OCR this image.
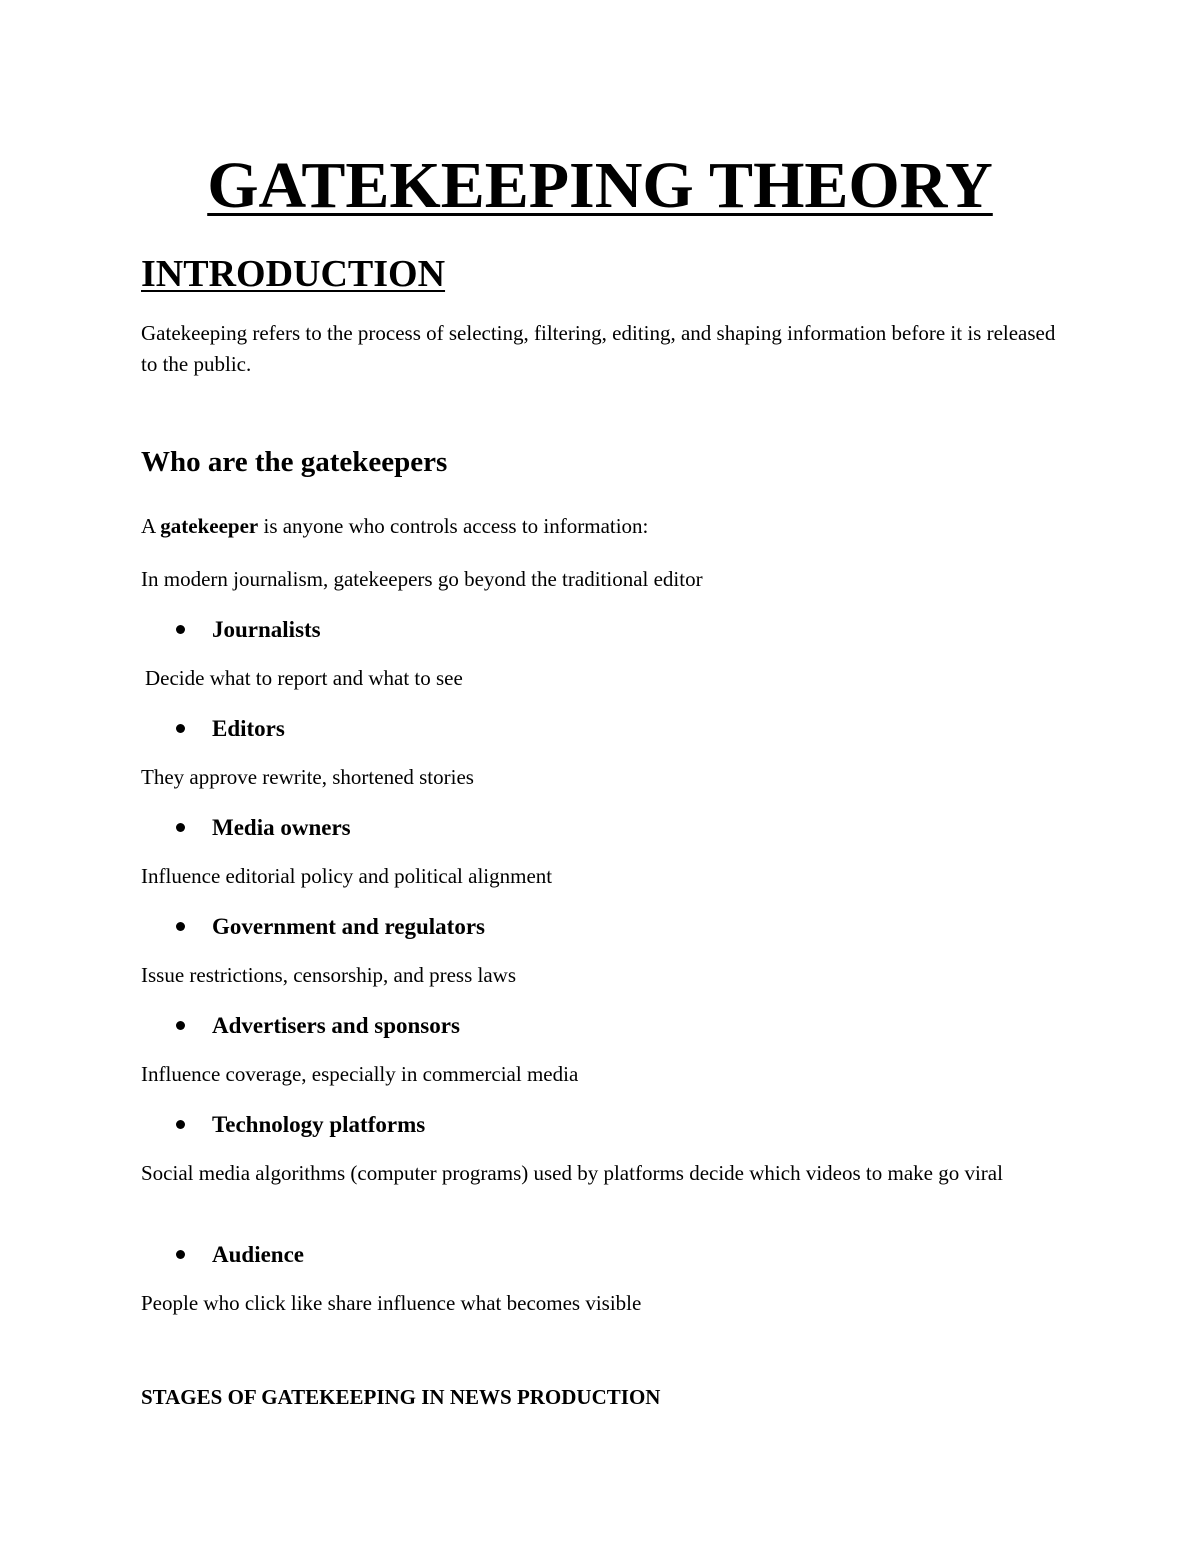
GATEKEEPING THEORY
INTRODUCTION

Gatekeeping refers to the process of selecting, filtering, editing, and shaping information before it is released to the public.

Who are the gatekeepers

A gatekeeper is anyone who controls access to information:

In modern journalism, gatekeepers go beyond the traditional editor

Journalists

Decide what to report and what to see

Editors

They approve rewrite, shortened stories

Media owners

Influence editorial policy and political alignment

Government and regulators

Issue restrictions, censorship, and press laws

Advertisers and sponsors

Influence coverage, especially in commercial media

Technology platforms

Social media algorithms (computer programs) used by platforms decide which videos to make go viral

Audience

People who click like share influence what becomes visible

STAGES OF GATEKEEPING IN NEWS PRODUCTION
